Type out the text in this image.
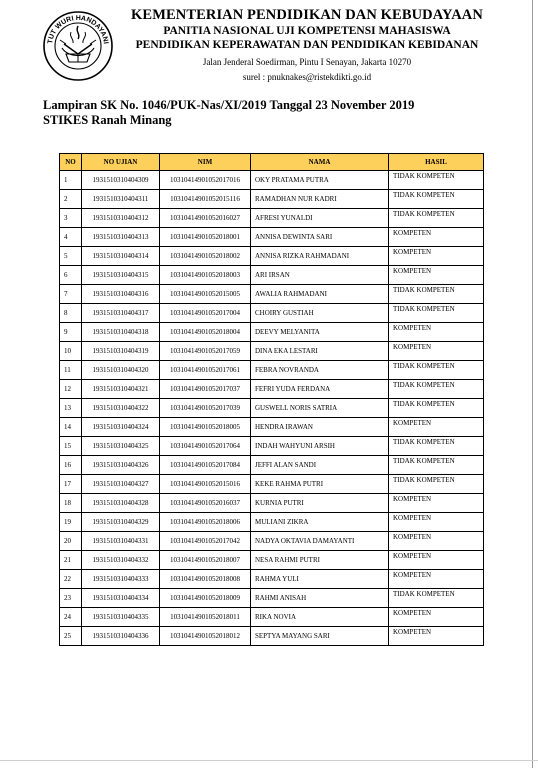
TUT WURI HANDAYANI
KEMENTERIAN PENDIDIKAN DAN KEBUDAYAAN
PANITIA NASIONAL UJI KOMPETENSI MAHASISWA
PENDIDIKAN KEPERAWATAN DAN PENDIDIKAN KEBIDANAN
Jalan Jenderal Soedirman, Pintu I Senayan, Jakarta 10270
surel : pnuknakes@ristekdikti.go.id
Lampiran SK No. 1046/PUK-Nas/XI/2019 Tanggal 23 November 2019
STIKES Ranah Minang
NO	NO UJIAN	NIM	NAMA	HASIL
1	1931510310404309	10310414901052017016	OKY PRATAMA PUTRA	TIDAK KOMPETEN
2	1931510310404311	10310414901052015116	RAMADHAN NUR KADRI	TIDAK KOMPETEN
3	1931510310404312	10310414901052016027	AFRESI YUNALDI	TIDAK KOMPETEN
4	1931510310404313	10310414901052018001	ANNISA DEWINTA SARI	KOMPETEN
5	1931510310404314	10310414901052018002	ANNISA RIZKA RAHMADANI	KOMPETEN
6	1931510310404315	10310414901052018003	ARI IRSAN	KOMPETEN
7	1931510310404316	10310414901052015005	AWALIA RAHMADANI	TIDAK KOMPETEN
8	1931510310404317	10310414901052017004	CHOIRY GUSTIAH	TIDAK KOMPETEN
9	1931510310404318	10310414901052018004	DEEVY MELYANITA	KOMPETEN
10	1931510310404319	10310414901052017059	DINA EKA LESTARI	KOMPETEN
11	1931510310404320	10310414901052017061	FEBRA NOVRANDA	TIDAK KOMPETEN
12	1931510310404321	10310414901052017037	FEFRI YUDA FERDANA	TIDAK KOMPETEN
13	1931510310404322	10310414901052017039	GUSWELL NORIS SATRIA	TIDAK KOMPETEN
14	1931510310404324	10310414901052018005	HENDRA IRAWAN	KOMPETEN
15	1931510310404325	10310414901052017064	INDAH WAHYUNI ARSIH	TIDAK KOMPETEN
16	1931510310404326	10310414901052017084	JEFFI ALAN SANDI	TIDAK KOMPETEN
17	1931510310404327	10310414901052015016	KEKE RAHMA PUTRI	TIDAK KOMPETEN
18	1931510310404328	10310414901052016037	KURNIA PUTRI	KOMPETEN
19	1931510310404329	10310414901052018006	MULIANI ZIKRA	KOMPETEN
20	1931510310404331	10310414901052017042	NADYA OKTAVIA DAMAYANTI	KOMPETEN
21	1931510310404332	10310414901052018007	NESA RAHMI PUTRI	KOMPETEN
22	1931510310404333	10310414901052018008	RAHMA YULI	KOMPETEN
23	1931510310404334	10310414901052018009	RAHMI ANISAH	TIDAK KOMPETEN
24	1931510310404335	10310414901052018011	RIKA NOVIA	KOMPETEN
25	1931510310404336	10310414901052018012	SEPTYA MAYANG SARI	KOMPETEN
